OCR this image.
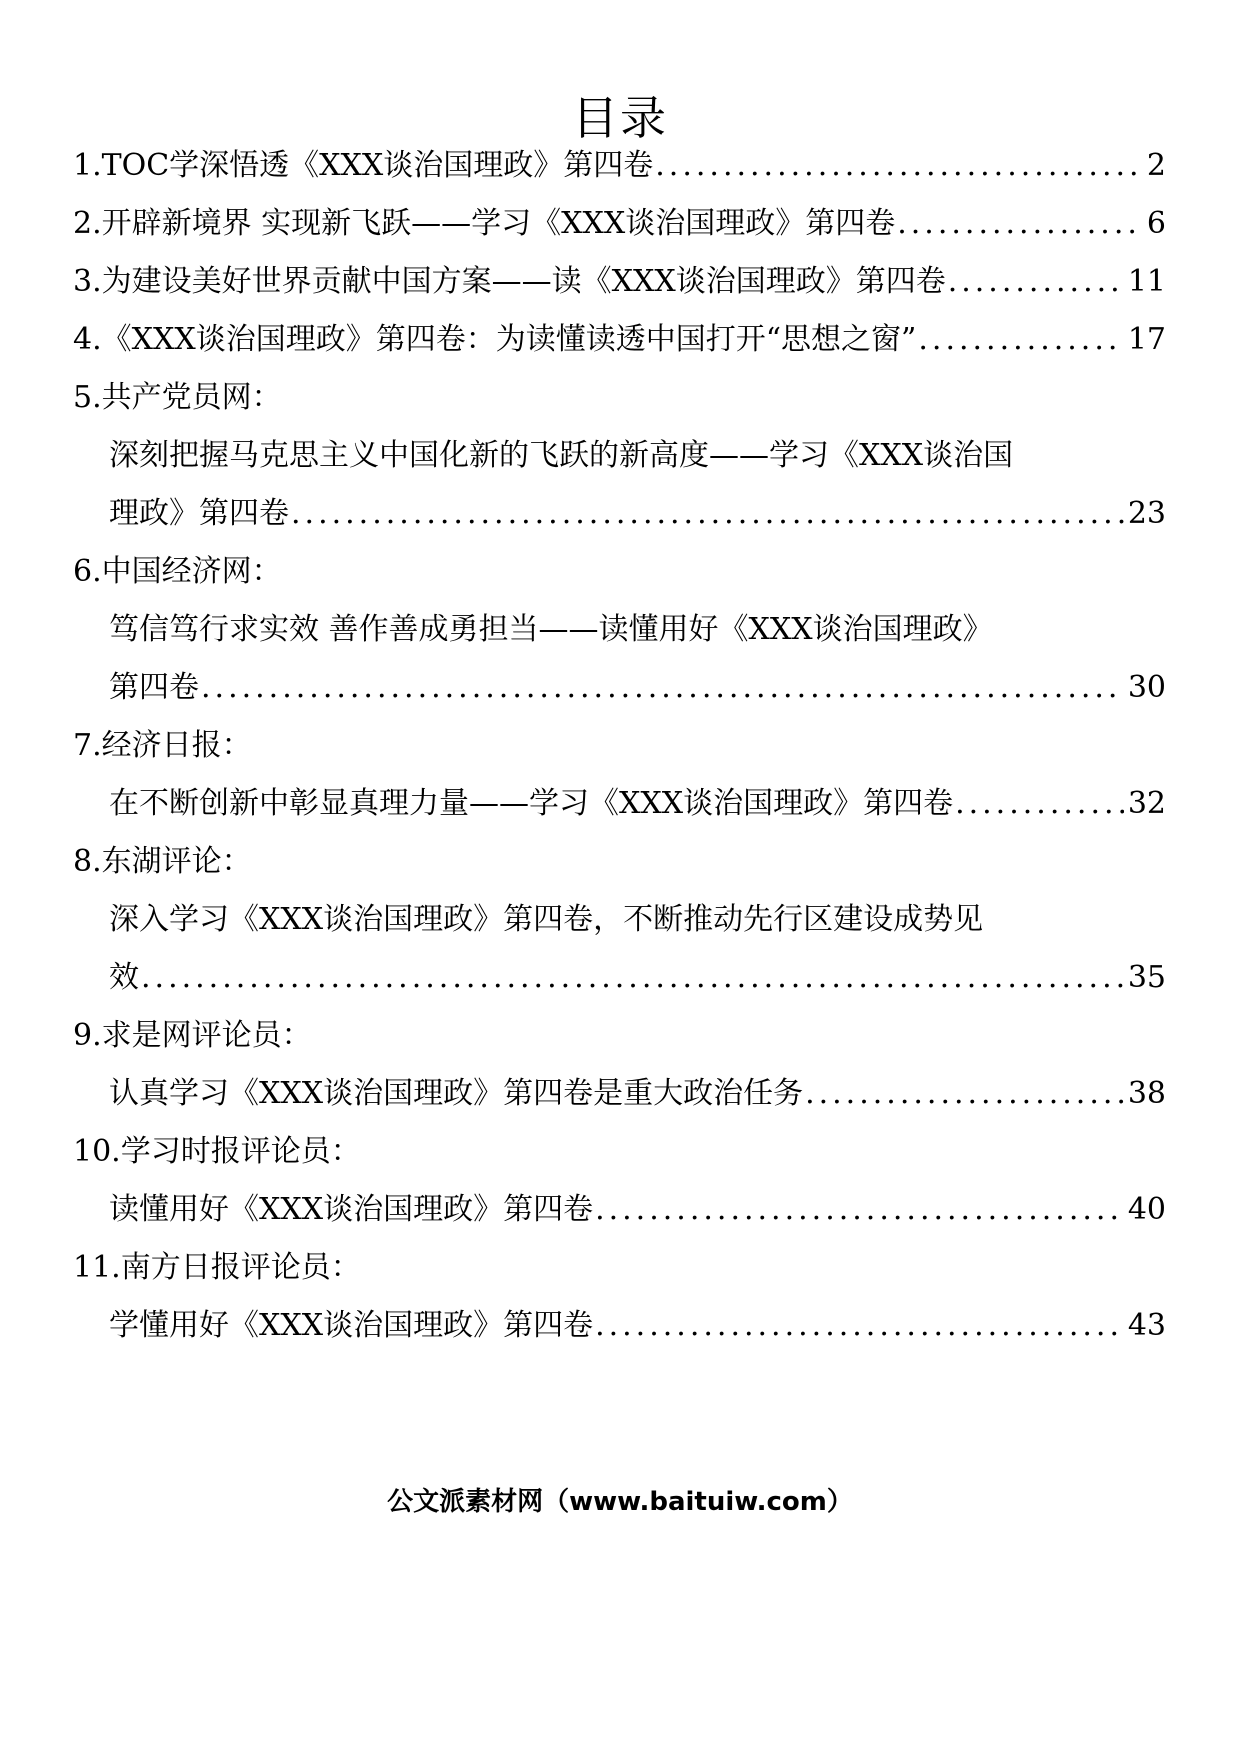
目录
1.TOC学深悟透《XXX谈治国理政》第四卷 .....	2
2.开辟新境界 实现新飞跃——学习《XXX谈治国理政》第四卷 .....	6
3.为建设美好世界贡献中国方案——读《XXX谈治国理政》第四卷 .....	11
4.《XXX谈治国理政》第四卷：为读懂读透中国打开“思想之窗” .....	17
5.共产党员网：
深刻把握马克思主义中国化新的飞跃的新高度——学习《XXX谈治国
理政》第四卷 .....	23
6.中国经济网：
笃信笃行求实效 善作善成勇担当——读懂用好《XXX谈治国理政》
第四卷 .....	30
7.经济日报：
在不断创新中彰显真理力量——学习《XXX谈治国理政》第四卷 .....	32
8.东湖评论：
深入学习《XXX谈治国理政》第四卷，不断推动先行区建设成势见
效 .....	35
9.求是网评论员：
认真学习《XXX谈治国理政》第四卷是重大政治任务 .....	38
10.学习时报评论员：
读懂用好《XXX谈治国理政》第四卷 .....	40
11.南方日报评论员：
学懂用好《XXX谈治国理政》第四卷 .....	43
公文派素材网（www.baituiw.com）
